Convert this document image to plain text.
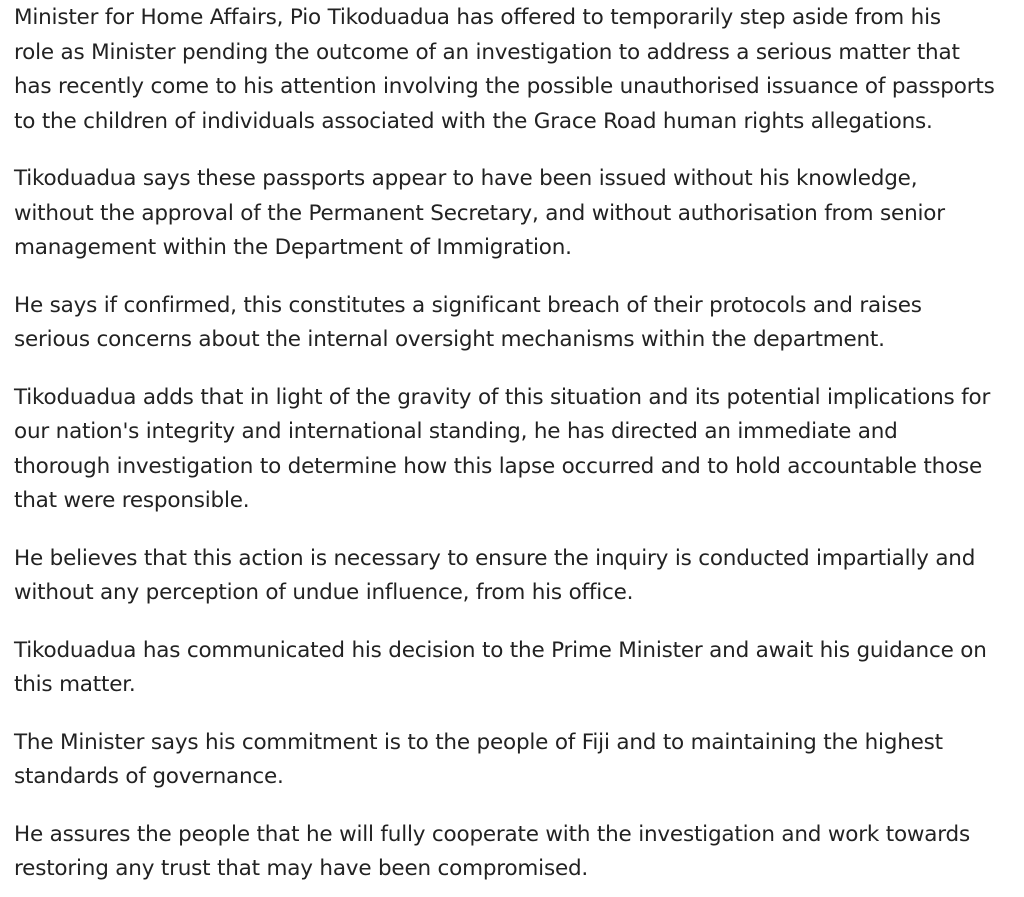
Minister for Home Affairs, Pio Tikoduadua has offered to temporarily step aside from his
role as Minister pending the outcome of an investigation to address a serious matter that
has recently come to his attention involving the possible unauthorised issuance of passports
to the children of individuals associated with the Grace Road human rights allegations.

Tikoduadua says these passports appear to have been issued without his knowledge,
without the approval of the Permanent Secretary, and without authorisation from senior
management within the Department of Immigration.

He says if confirmed, this constitutes a significant breach of their protocols and raises
serious concerns about the internal oversight mechanisms within the department.

Tikoduadua adds that in light of the gravity of this situation and its potential implications for
our nation's integrity and international standing, he has directed an immediate and
thorough investigation to determine how this lapse occurred and to hold accountable those
that were responsible.

He believes that this action is necessary to ensure the inquiry is conducted impartially and
without any perception of undue influence, from his office.

Tikoduadua has communicated his decision to the Prime Minister and await his guidance on
this matter.

The Minister says his commitment is to the people of Fiji and to maintaining the highest
standards of governance.

He assures the people that he will fully cooperate with the investigation and work towards
restoring any trust that may have been compromised.
